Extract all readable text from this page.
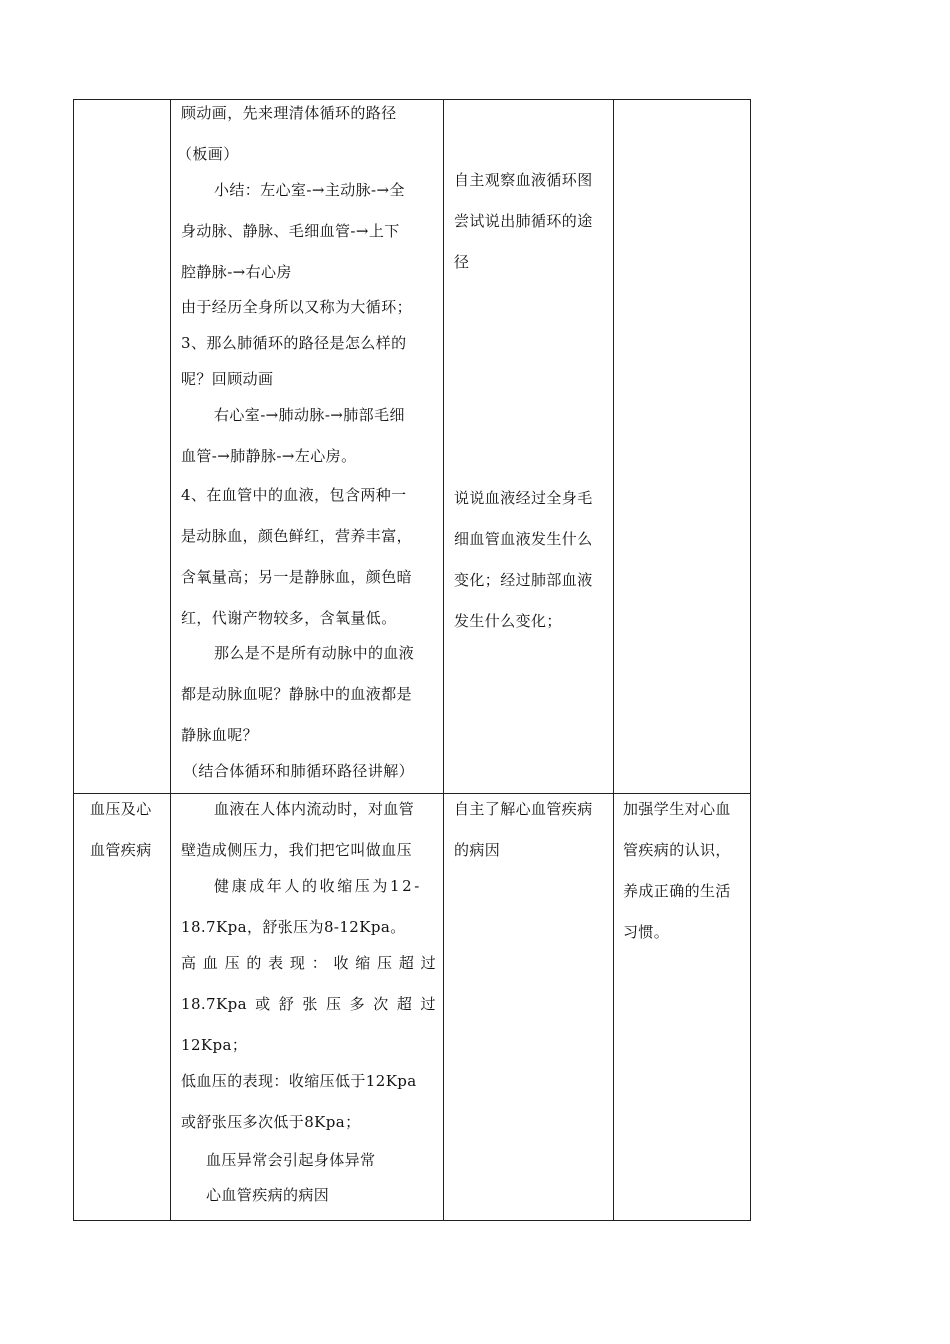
顾动画，先来理清体循环的路径
（板画）
小结：左心室-→主动脉-→全
身动脉、静脉、毛细血管-→上下
腔静脉-→右心房
由于经历全身所以又称为大循环；
3、那么肺循环的路径是怎么样的
呢？回顾动画
右心室-→肺动脉-→肺部毛细
血管-→肺静脉-→左心房。
4、在血管中的血液，包含两种一
是动脉血，颜色鲜红，营养丰富，
含氧量高；另一是静脉血，颜色暗
红，代谢产物较多，含氧量低。
那么是不是所有动脉中的血液
都是动脉血呢？静脉中的血液都是
静脉血呢？
（结合体循环和肺循环路径讲解）
自主观察血液循环图
尝试说出肺循环的途
径
说说血液经过全身毛
细血管血液发生什么
变化；经过肺部血液
发生什么变化；
血压及心
血管疾病
血液在人体内流动时，对血管
壁造成侧压力，我们把它叫做血压
健康成年人的收缩压为12-
18.7Kpa，舒张压为8-12Kpa。
高 血 压 的 表 现 ： 收 缩 压 超 过
18.7Kpa 或 舒 张 压 多 次 超 过
12Kpa；
低血压的表现：收缩压低于12Kpa
或舒张压多次低于8Kpa；
血压异常会引起身体异常
心血管疾病的病因
自主了解心血管疾病
的病因
加强学生对心血
管疾病的认识，
养成正确的生活
习惯。
